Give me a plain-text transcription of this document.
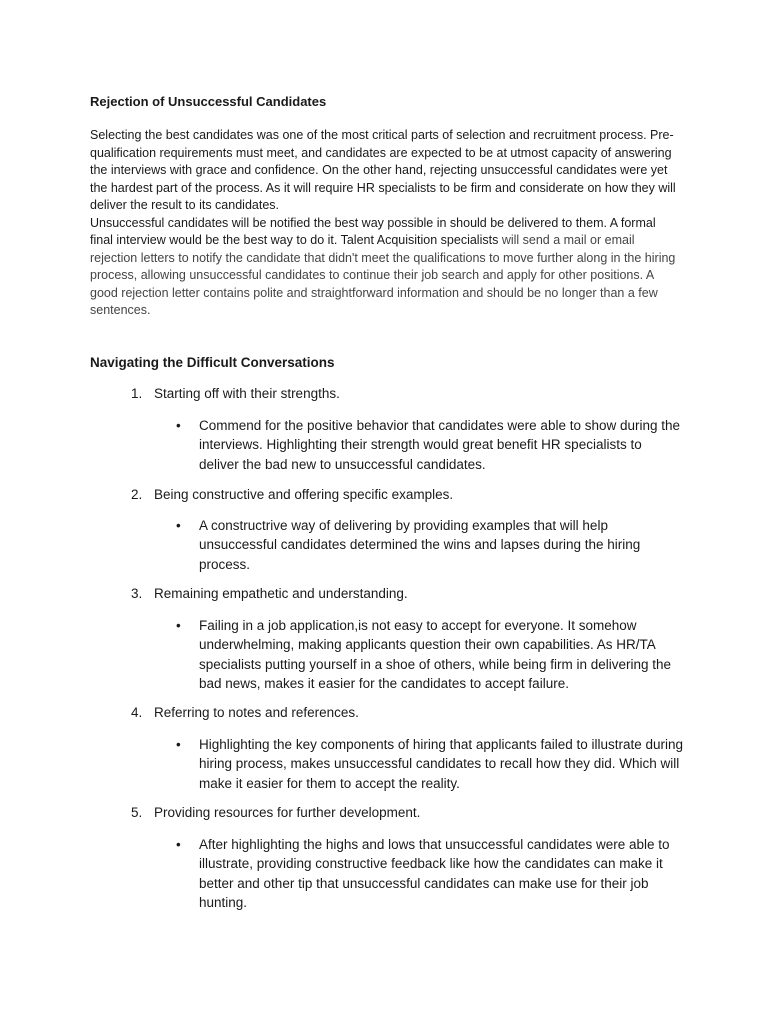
Rejection of Unsuccessful Candidates

Selecting the best candidates was one of the most critical parts of selection and recruitment process. Pre-qualification requirements must meet, and candidates are expected to be at utmost capacity of answering the interviews with grace and confidence. On the other hand, rejecting unsuccessful candidates were yet the hardest part of the process. As it will require HR specialists to be firm and considerate on how they will deliver the result to its candidates.

Unsuccessful candidates will be notified the best way possible in should be delivered to them. A formal final interview would be the best way to do it. Talent Acquisition specialists will send a mail or email rejection letters to notify the candidate that didn't meet the qualifications to move further along in the hiring process, allowing unsuccessful candidates to continue their job search and apply for other positions. A good rejection letter contains polite and straightforward information and should be no longer than a few sentences.

Navigating the Difficult Conversations
1. Starting off with their strengths.
• Commend for the positive behavior that candidates were able to show during the interviews. Highlighting their strength would great benefit HR specialists to deliver the bad new to unsuccessful candidates.

2. Being constructive and offering specific examples.
• A constructrive way of delivering by providing examples that will help unsuccessful candidates determined the wins and lapses during the hiring process.

3. Remaining empathetic and understanding.
• Failing in a job application,is not easy to accept for everyone. It somehow underwhelming, making applicants question their own capabilities. As HR/TA specialists putting yourself in a shoe of others, while being firm in delivering the bad news, makes it easier for the candidates to accept failure.

4. Referring to notes and references.
• Highlighting the key components of hiring that applicants failed to illustrate during hiring process, makes unsuccessful candidates to recall how they did. Which will make it easier for them to accept the reality.

5. Providing resources for further development.
• After highlighting the highs and lows that unsuccessful candidates were able to illustrate, providing constructive feedback like how the candidates can make it better and other tip that unsuccessful candidates can make use for their job hunting.
